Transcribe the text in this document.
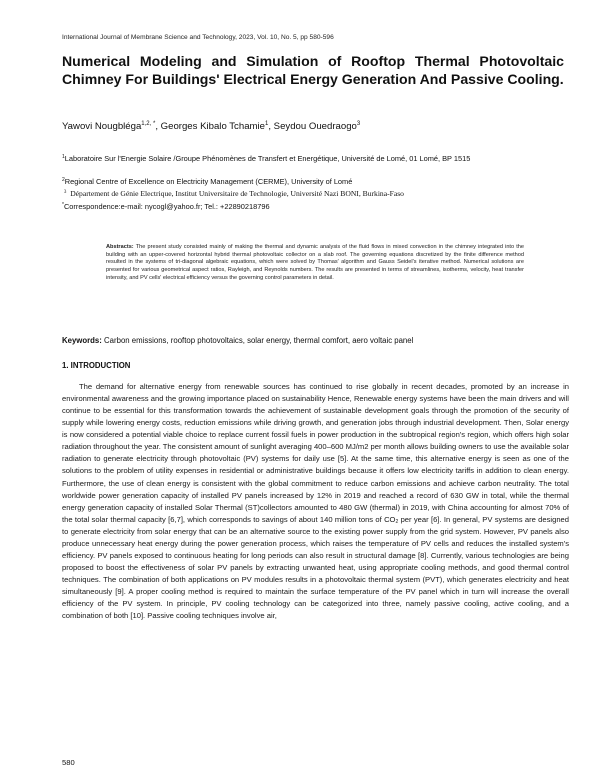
International Journal of Membrane Science and Technology, 2023, Vol. 10, No. 5, pp 580-596
Numerical Modeling and Simulation of Rooftop Thermal Photovoltaic Chimney For Buildings' Electrical Energy Generation And Passive Cooling.
Yawovi Nougbléga$^{1,2, *}$, Georges Kibalo Tchamie$^1$, Seydou Ouedraogo$^3$
$^1$Laboratoire Sur l'Energie Solaire /Groupe Phénomènes de Transfert et Energétique, Université de Lomé, 01 Lomé, BP 1515
$^2$Regional Centre of Excellence on Electricity Management (CERME), University of Lomé
$^3$ Département de Génie Electrique, Institut Universitaire de Technologie, Université Nazi BONI, Burkina-Faso
*Correspondence:e-mail: nycogl@yahoo.fr; Tel.: +22890218796
Abstracts: The present study consisted mainly of making the thermal and dynamic analysis of the fluid flows in mixed convection in the chimney integrated into the building with an upper-covered horizontal hybrid thermal photovoltaic collector on a slab roof. The governing equations discretized by the finite difference method resulted in the systems of tri-diagonal algebraic equations, which were solved by Thomas' algorithm and Gauss Seidel's iterative method. Numerical solutions are presented for various geometrical aspect ratios, Rayleigh, and Reynolds numbers. The results are presented in terms of streamlines, isotherms, velocity, heat transfer intensity, and PV cells' electrical efficiency versus the governing control parameters in detail.
Keywords: Carbon emissions, rooftop photovoltaics, solar energy, thermal comfort, aero voltaic panel
1. INTRODUCTION
The demand for alternative energy from renewable sources has continued to rise globally in recent decades, promoted by an increase in environmental awareness and the growing importance placed on sustainability Hence, Renewable energy systems have been the main drivers and will continue to be essential for this transformation towards the achievement of sustainable development goals through the promotion of the security of supply while lowering energy costs, reduction emissions while driving growth, and generation jobs through industrial development. Then, Solar energy is now considered a potential viable choice to replace current fossil fuels in power production in the subtropical region's region, which offers high solar radiation throughout the year. The consistent amount of sunlight averaging 400–600 MJ/m2 per month allows building owners to use the available solar radiation to generate electricity through photovoltaic (PV) systems for daily use [5]. At the same time, this alternative energy is seen as one of the solutions to the problem of utility expenses in residential or administrative buildings because it offers low electricity tariffs in addition to clean energy. Furthermore, the use of clean energy is consistent with the global commitment to reduce carbon emissions and achieve carbon neutrality. The total worldwide power generation capacity of installed PV panels increased by 12% in 2019 and reached a record of 630 GW in total, while the thermal energy generation capacity of installed Solar Thermal (ST)collectors amounted to 480 GW (thermal) in 2019, with China accounting for almost 70% of the total solar thermal capacity [6,7], which corresponds to savings of about 140 million tons of $CO_2$ per year [6]. In general, PV systems are designed to generate electricity from solar energy that can be an alternative source to the existing power supply from the grid system. However, PV panels also produce unnecessary heat energy during the power generation process, which raises the temperature of PV cells and reduces the installed system's efficiency. PV panels exposed to continuous heating for long periods can also result in structural damage [8]. Currently, various technologies are being proposed to boost the effectiveness of solar PV panels by extracting unwanted heat, using appropriate cooling methods, and good thermal control techniques. The combination of both applications on PV modules results in a photovoltaic thermal system (PVT), which generates electricity and heat simultaneously [9]. A proper cooling method is required to maintain the surface temperature of the PV panel which in turn will increase the overall efficiency of the PV system. In principle, PV cooling technology can be categorized into three, namely passive cooling, active cooling, and a combination of both [10]. Passive cooling techniques involve air,
580
